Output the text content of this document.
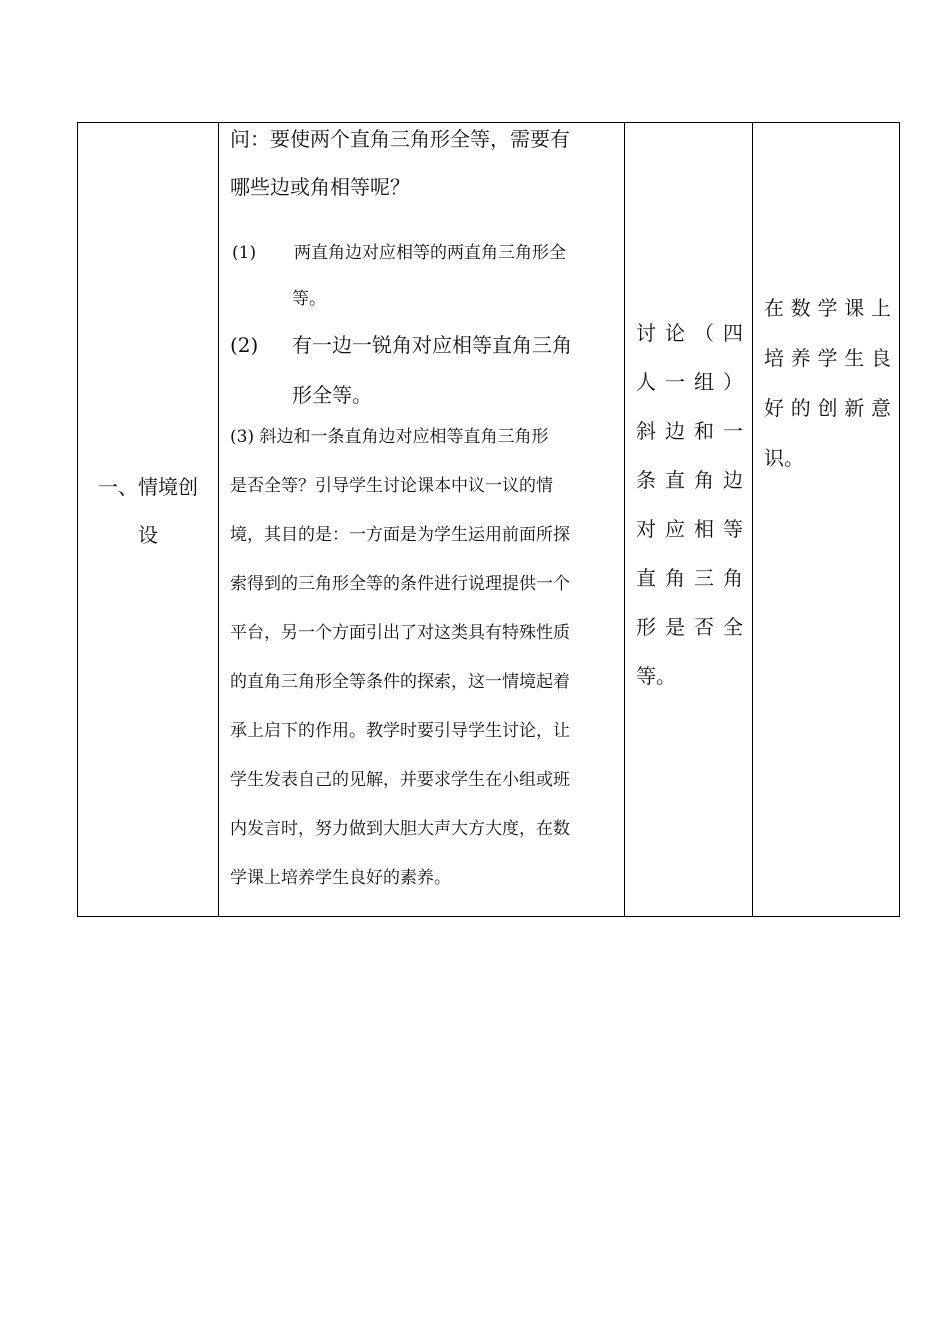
一、情境创
设

问：要使两个直角三角形全等，需要有

哪些边或角相等呢？

(1)	两直角边对应相等的两直角三角形全
等。
(2)	有一边一锐角对应相等直角三角
形全等。

(3) 斜边和一条直角边对应相等直角三角形
是否全等？引导学生讨论课本中议一议的情
境，其目的是：一方面是为学生运用前面所探
索得到的三角形全等的条件进行说理提供一个
平台，另一个方面引出了对这类具有特殊性质
的直角三角形全等条件的探索，这一情境起着
承上启下的作用。教学时要引导学生讨论，让
学生发表自己的见解，并要求学生在小组或班
内发言时，努力做到大胆大声大方大度，在数
学课上培养学生良好的素养。

讨论（四
人一组）
斜边和一
条直角边
对应相等
直角三角
形是否全
等。

在数学课上
培养学生良
好的创新意
识。
